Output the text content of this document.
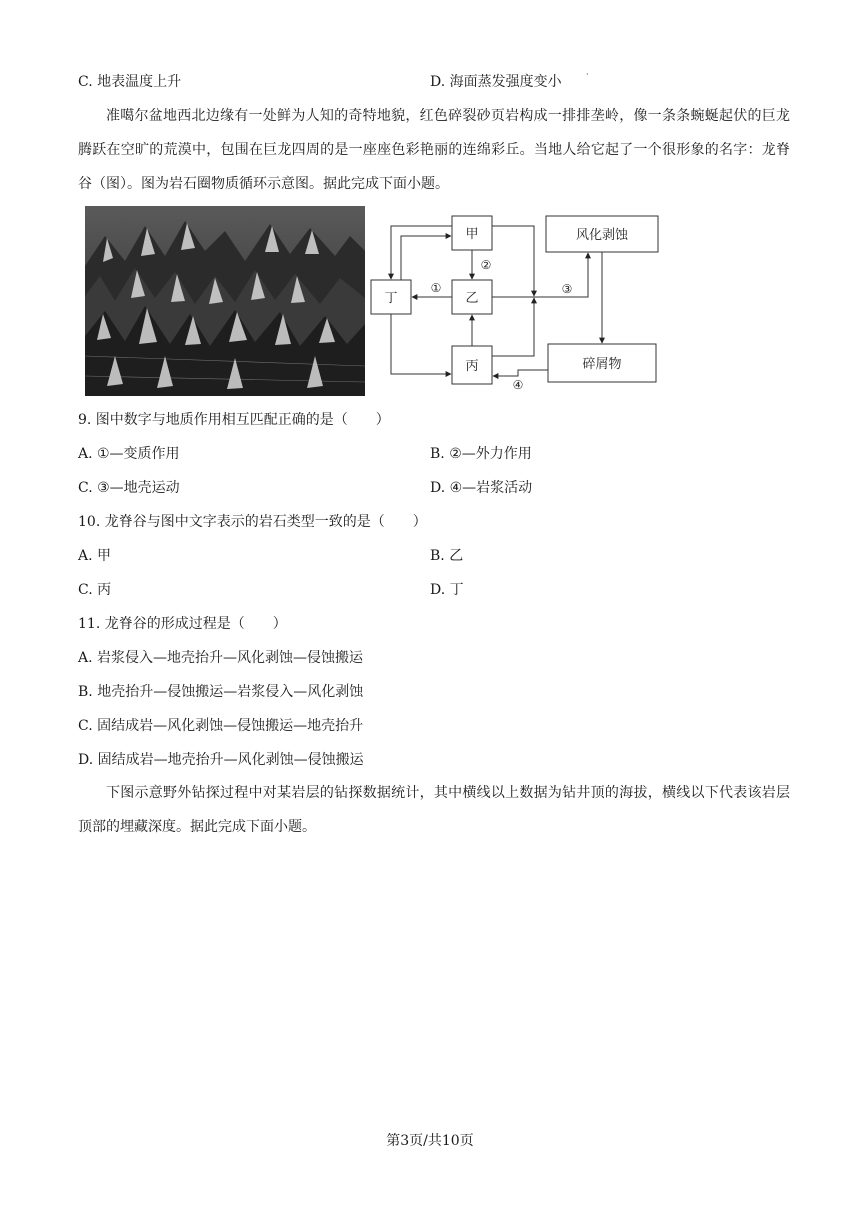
C. 地表温度上升	D. 海面蒸发强度变小	·
准噶尔盆地西北边缘有一处鲜为人知的奇特地貌，红色碎裂砂页岩构成一排排垄岭，像一条条蜿蜒起伏的巨龙腾跃在空旷的荒漠中，包围在巨龙四周的是一座座色彩艳丽的连绵彩丘。当地人给它起了一个很形象的名字：龙脊谷（图）。图为岩石圈物质循环示意图。据此完成下面小题。
甲
乙
丁
丙
风化剥蚀
碎屑物
②
①	③
④
9. 图中数字与地质作用相互匹配正确的是（　　）
A. ①—变质作用	B. ②—外力作用
C. ③—地壳运动	D. ④—岩浆活动
10. 龙脊谷与图中文字表示的岩石类型一致的是（　　）
A. 甲	B. 乙
C. 丙	D. 丁
11. 龙脊谷的形成过程是（　　）
A. 岩浆侵入—地壳抬升—风化剥蚀—侵蚀搬运
B. 地壳抬升—侵蚀搬运—岩浆侵入—风化剥蚀
C. 固结成岩—风化剥蚀—侵蚀搬运—地壳抬升
D. 固结成岩—地壳抬升—风化剥蚀—侵蚀搬运
下图示意野外钻探过程中对某岩层的钻探数据统计，其中横线以上数据为钻井顶的海拔，横线以下代表该岩层顶部的埋藏深度。据此完成下面小题。
第3页/共10页
